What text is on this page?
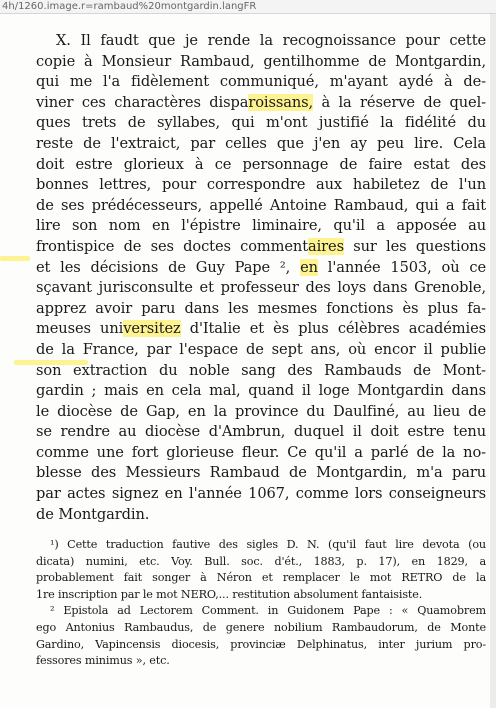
4h/1260.image.r=rambaud%20montgardin.langFR
X. Il faudt que je rende la recognoissance pour cette
copie à Monsieur Rambaud, gentilhomme de Montgardin,
qui me l'a fidèlement communiqué, m'ayant aydé à de-
viner ces charactères disparoissans, à la réserve de quel-
ques trets de syllabes, qui m'ont justifié la fidélité du
reste de l'extraict, par celles que j'en ay peu lire. Cela
doit estre glorieux à ce personnage de faire estat des
bonnes lettres, pour correspondre aux habiletez de l'un
de ses prédécesseurs, appellé Antoine Rambaud, qui a fait
lire son nom en l'épistre liminaire, qu'il a apposée au
frontispice de ses doctes commentaires sur les questions
et les décisions de Guy Pape ², en l'année 1503, où ce
sçavant jurisconsulte et professeur des loys dans Grenoble,
apprez avoir paru dans les mesmes fonctions ès plus fa-
meuses universitez d'Italie et ès plus célèbres académies
de la France, par l'espace de sept ans, où encor il publie
son extraction du noble sang des Rambauds de Mont-
gardin ; mais en cela mal, quand il loge Montgardin dans
le diocèse de Gap, en la province du Daulfiné, au lieu de
se rendre au diocèse d'Ambrun, duquel il doit estre tenu
comme une fort glorieuse fleur. Ce qu'il a parlé de la no-
blesse des Messieurs Rambaud de Montgardin, m'a paru
par actes signez en l'année 1067, comme lors conseigneurs
de Montgardin.
¹) Cette traduction fautive des sigles D. N. (qu'il faut lire devota (ou
dicata) numini, etc. Voy. Bull. soc. d'ét., 1883, p. 17), en 1829, a
probablement fait songer à Néron et remplacer le mot RETRO de la
1re inscription par le mot NERO,... restitution absolument fantaisiste.
² Epistola ad Lectorem Comment. in Guidonem Pape : « Quamobrem
ego Antonius Rambaudus, de genere nobilium Rambaudorum, de Monte
Gardino, Vapincensis diocesis, provinciæ Delphinatus, inter jurium pro-
fessores minimus », etc.
